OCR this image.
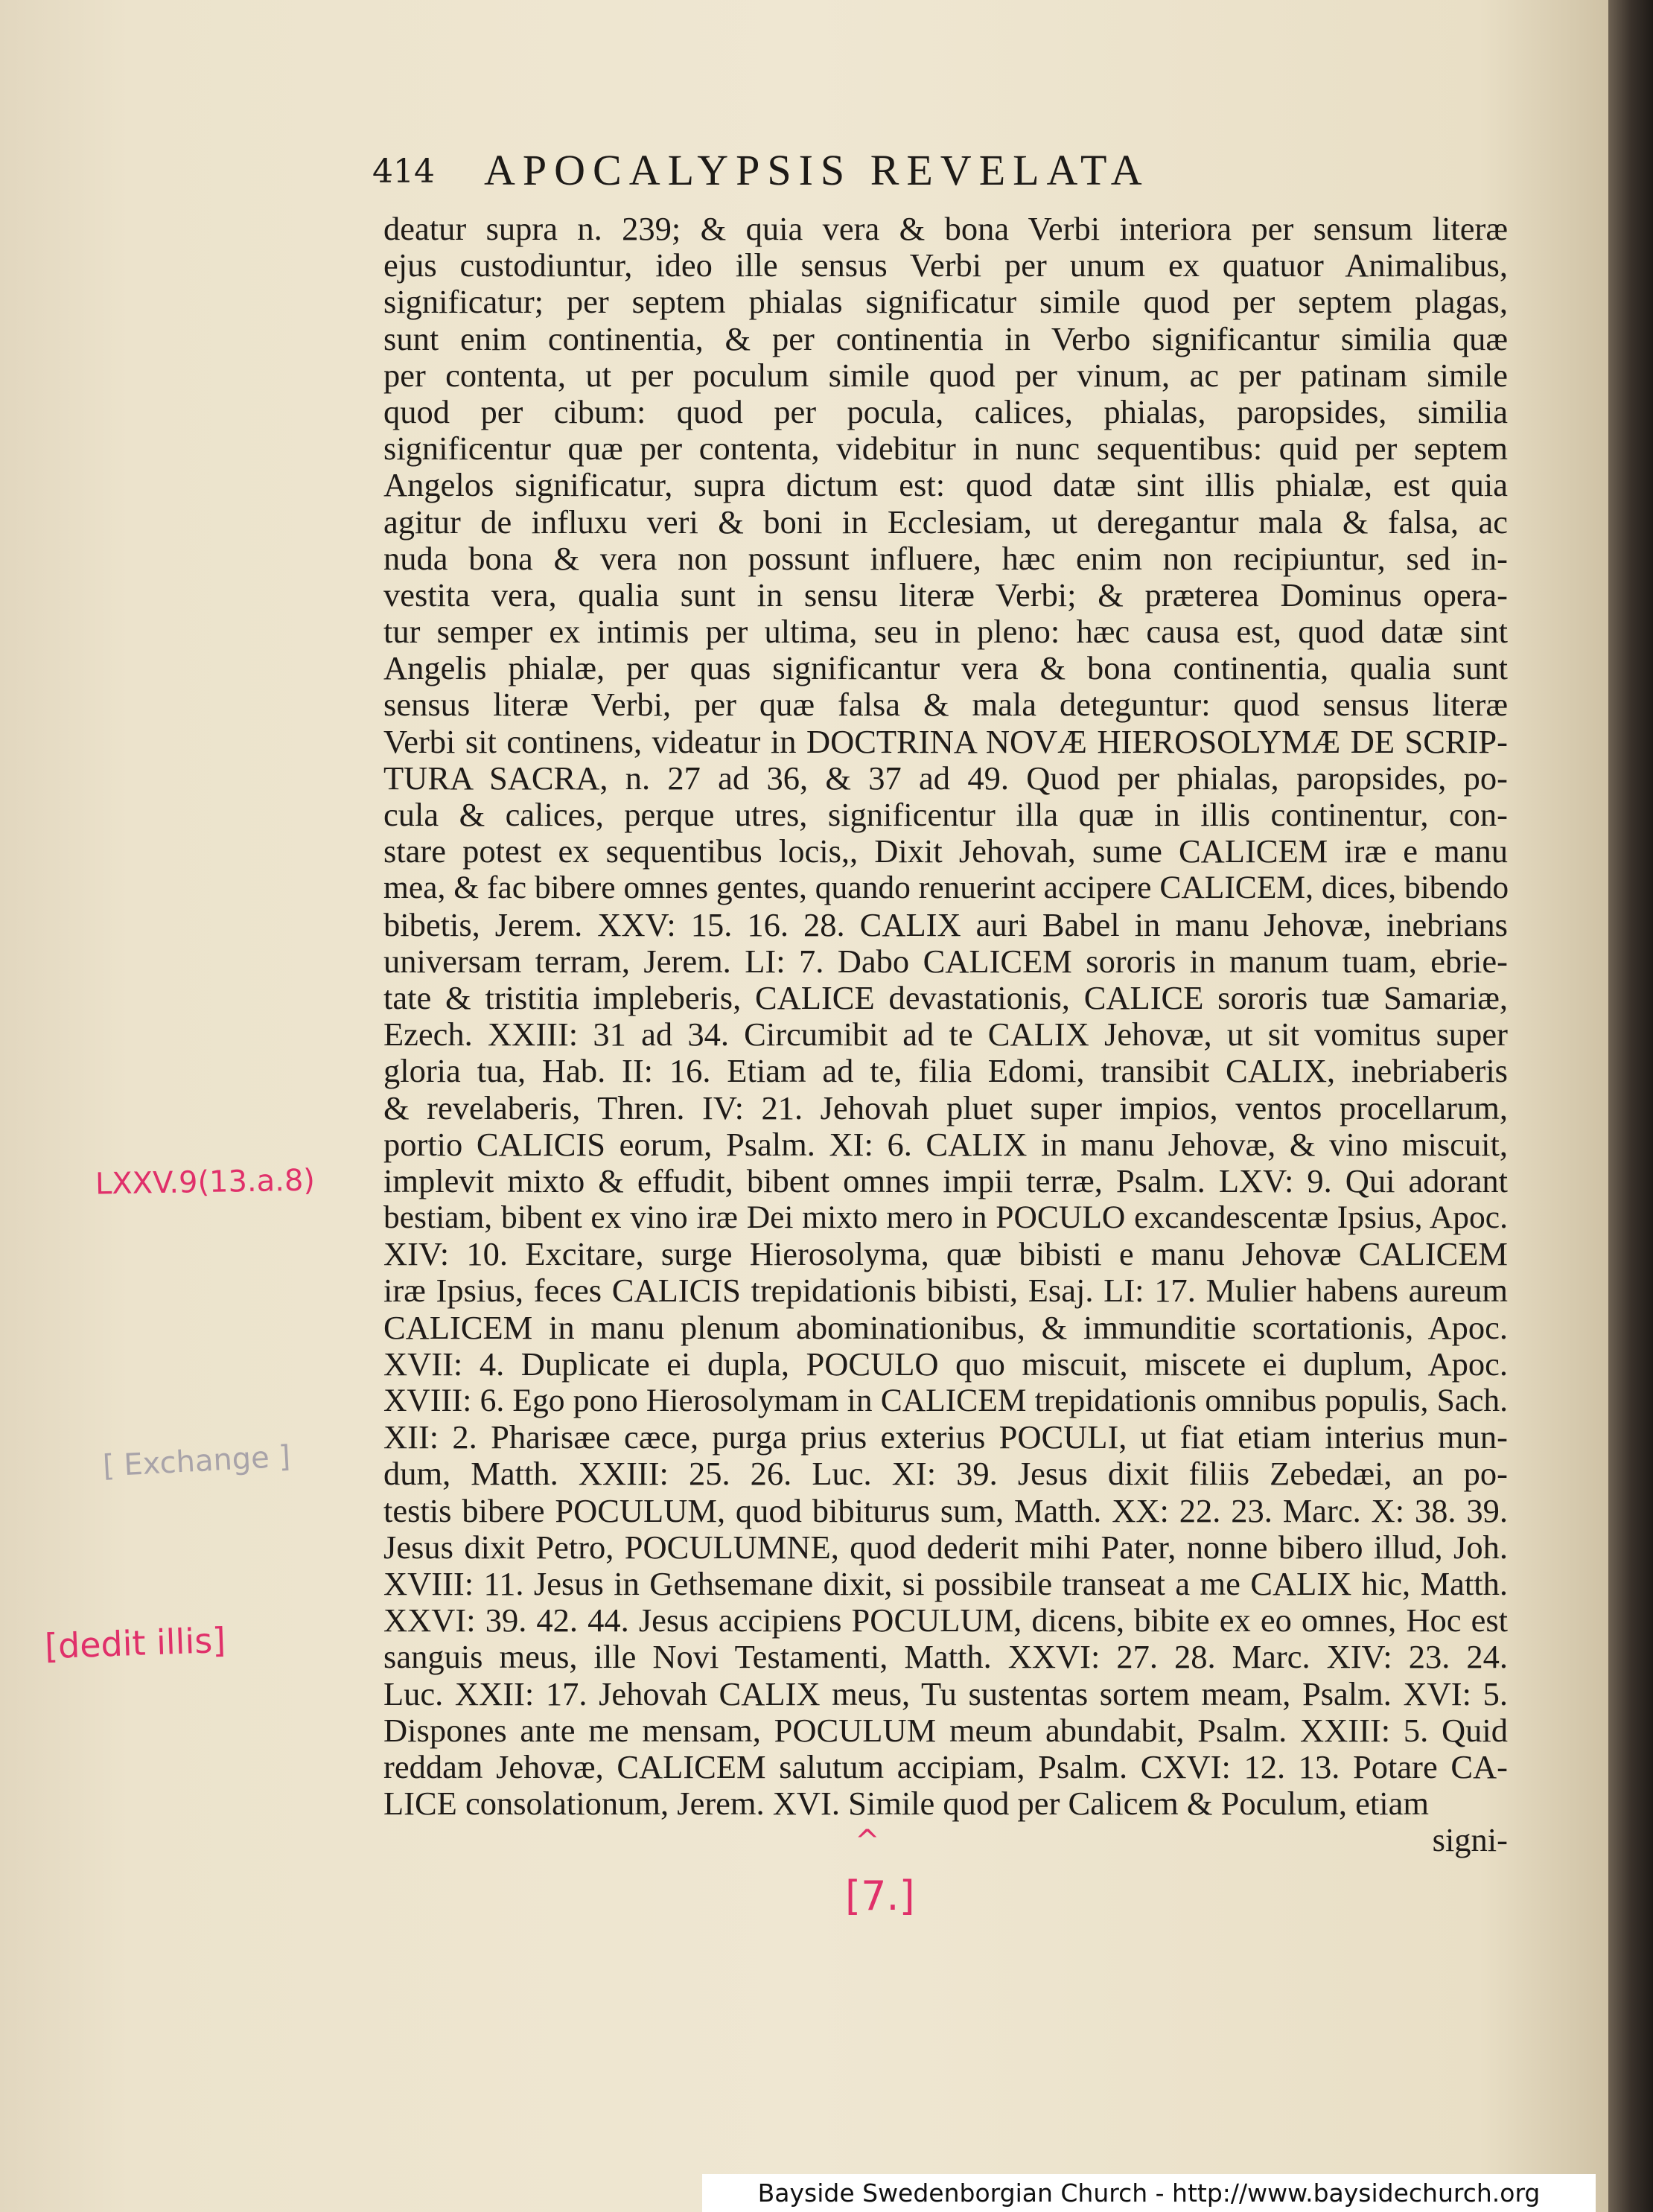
414 APOCALYPSIS REVELATA
deatur supra n. 239; & quia vera & bona Verbi interiora per sensum literæ
ejus custodiuntur, ideo ille sensus Verbi per unum ex quatuor Animalibus,
significatur; per septem phialas significatur simile quod per septem plagas,
sunt enim continentia, & per continentia in Verbo significantur similia quæ
per contenta, ut per poculum simile quod per vinum, ac per patinam simile
quod per cibum: quod per pocula, calices, phialas, paropsides, similia
significentur quæ per contenta, videbitur in nunc sequentibus: quid per septem
Angelos significatur, supra dictum est: quod datæ sint illis phialæ, est quia
agitur de influxu veri & boni in Ecclesiam, ut deregantur mala & falsa, ac
nuda bona & vera non possunt influere, hæc enim non recipiuntur, sed in-
vestita vera, qualia sunt in sensu literæ Verbi; & præterea Dominus opera-
tur semper ex intimis per ultima, seu in pleno: hæc causa est, quod datæ sint
Angelis phialæ, per quas significantur vera & bona continentia, qualia sunt
sensus literæ Verbi, per quæ falsa & mala deteguntur: quod sensus literæ
Verbi sit continens, videatur in DOCTRINA NOVÆ HIEROSOLYMÆ DE SCRIP-
TURA SACRA, n. 27 ad 36, & 37 ad 49. Quod per phialas, paropsides, po-
cula & calices, perque utres, significentur illa quæ in illis continentur, con-
stare potest ex sequentibus locis,, Dixit Jehovah, sume CALICEM iræ e manu
mea, & fac bibere omnes gentes, quando renuerint accipere CALICEM, dices, bibendo
bibetis, Jerem. XXV: 15. 16. 28. CALIX auri Babel in manu Jehovæ, inebrians
universam terram, Jerem. LI: 7. Dabo CALICEM sororis in manum tuam, ebrie-
tate & tristitia impleberis, CALICE devastationis, CALICE sororis tuæ Samariæ,
Ezech. XXIII: 31 ad 34. Circumibit ad te CALIX Jehovæ, ut sit vomitus super
gloria tua, Hab. II: 16. Etiam ad te, filia Edomi, transibit CALIX, inebriaberis
& revelaberis, Thren. IV: 21. Jehovah pluet super impios, ventos procellarum,
portio CALICIS eorum, Psalm. XI: 6. CALIX in manu Jehovæ, & vino miscuit,
implevit mixto & effudit, bibent omnes impii terræ, Psalm. LXV: 9. Qui adorant
bestiam, bibent ex vino iræ Dei mixto mero in POCULO excandescentæ Ipsius, Apoc.
XIV: 10. Excitare, surge Hierosolyma, quæ bibisti e manu Jehovæ CALICEM
iræ Ipsius, feces CALICIS trepidationis bibisti, Esaj. LI: 17. Mulier habens aureum
CALICEM in manu plenum abominationibus, & immunditie scortationis, Apoc.
XVII: 4. Duplicate ei dupla, POCULO quo miscuit, miscete ei duplum, Apoc.
XVIII: 6. Ego pono Hierosolymam in CALICEM trepidationis omnibus populis, Sach.
XII: 2. Pharisæe cæce, purga prius exterius POCULI, ut fiat etiam interius mun-
dum, Matth. XXIII: 25. 26. Luc. XI: 39. Jesus dixit filiis Zebedæi, an po-
testis bibere POCULUM, quod bibiturus sum, Matth. XX: 22. 23. Marc. X: 38. 39.
Jesus dixit Petro, POCULUMNE, quod dederit mihi Pater, nonne bibero illud, Joh.
XVIII: 11. Jesus in Gethsemane dixit, si possibile transeat a me CALIX hic, Matth.
XXVI: 39. 42. 44. Jesus accipiens POCULUM, dicens, bibite ex eo omnes, Hoc est
sanguis meus, ille Novi Testamenti, Matth. XXVI: 27. 28. Marc. XIV: 23. 24.
Luc. XXII: 17. Jehovah CALIX meus, Tu sustentas sortem meam, Psalm. XVI: 5.
Dispones ante me mensam, POCULUM meum abundabit, Psalm. XXIII: 5. Quid
reddam Jehovæ, CALICEM salutum accipiam, Psalm. CXVI: 12. 13. Potare CA-
LICE consolationum, Jerem. XVI. Simile quod per Calicem & Poculum, etiam
signi-
LXXV.9(13.a.8)
[ Exchange ]
[dedit illis]
^
[7.]
Bayside Swedenborgian Church - http://www.baysidechurch.org
